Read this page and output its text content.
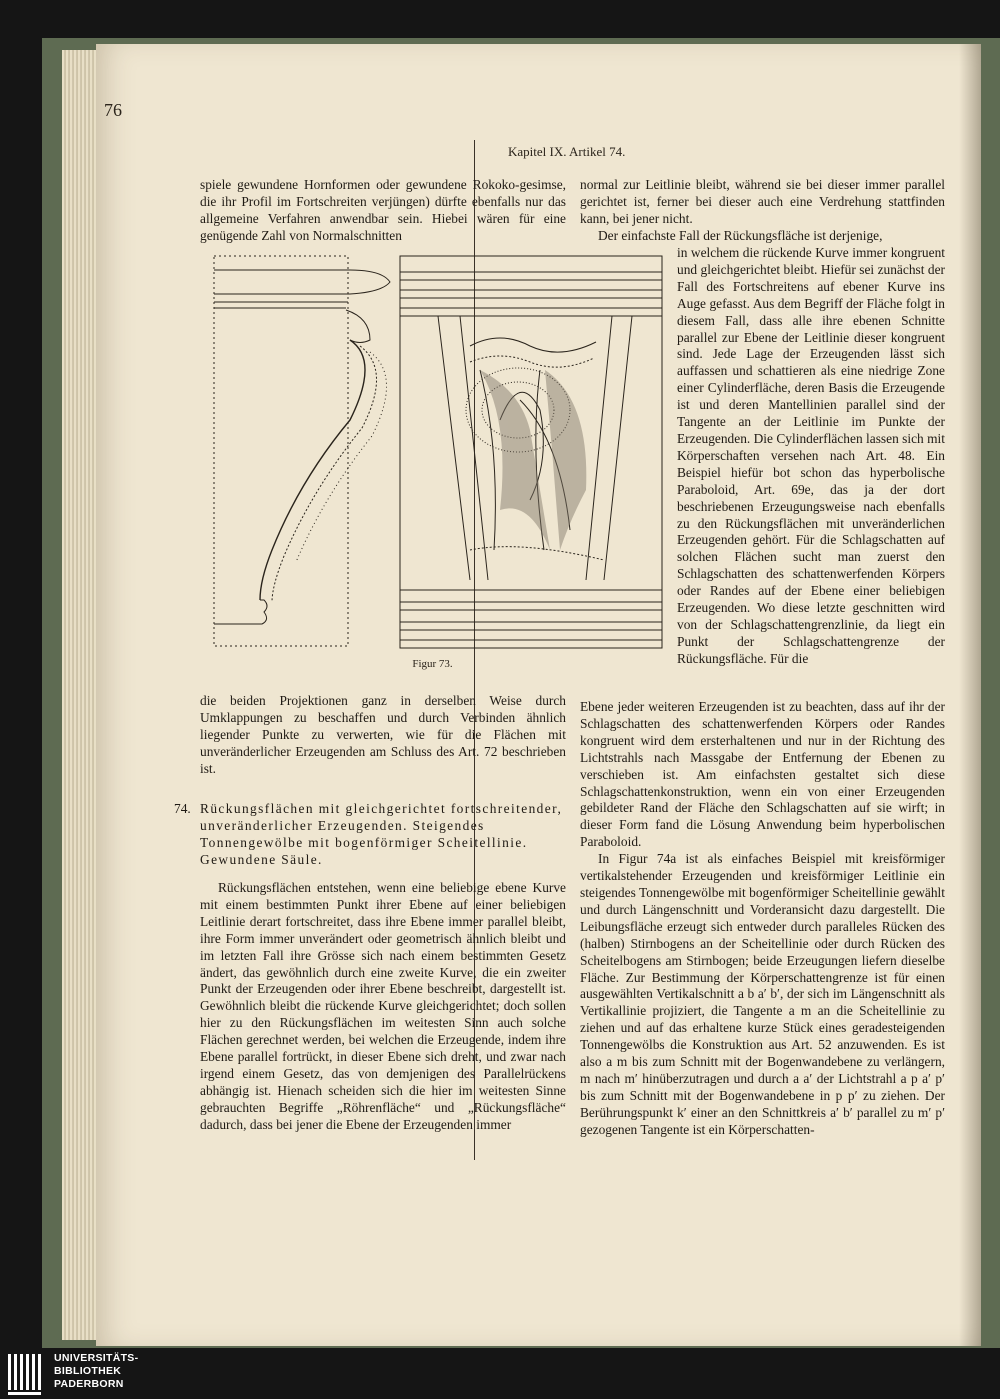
76
Kapitel IX. Artikel 74.

spiele gewundene Hornformen oder gewundene Rokoko-gesimse, die ihr Profil im Fortschreiten verjüngen) dürfte ebenfalls nur das allgemeine Verfahren anwendbar sein. Hiebei wären für eine genügende Zahl von Normalschnitten

Figur 73.

die beiden Projektionen ganz in derselben Weise durch Umklappungen zu beschaffen und durch Verbinden ähnlich liegender Punkte zu verwerten, wie für die Flächen mit unveränderlicher Erzeugenden am Schluss des Art. 72 beschrieben ist.

74. Rückungsflächen mit gleichgerichtet fortschreitender, unveränderlicher Erzeugenden. Steigendes Tonnengewölbe mit bogenförmiger Scheitellinie. Gewundene Säule.

Rückungsflächen entstehen, wenn eine beliebige ebene Kurve mit einem bestimmten Punkt ihrer Ebene auf einer beliebigen Leitlinie derart fortschreitet, dass ihre Ebene immer parallel bleibt, ihre Form immer unverändert oder geometrisch ähnlich bleibt und im letzten Fall ihre Grösse sich nach einem bestimmten Gesetz ändert, das gewöhnlich durch eine zweite Kurve, die ein zweiter Punkt der Erzeugenden oder ihrer Ebene beschreibt, dargestellt ist. Gewöhnlich bleibt die rückende Kurve gleichgerichtet; doch sollen hier zu den Rückungsflächen im weitesten Sinn auch solche Flächen gerechnet werden, bei welchen die Erzeugende, indem ihre Ebene parallel fortrückt, in dieser Ebene sich dreht, und zwar nach irgend einem Gesetz, das von demjenigen des Parallelrückens abhängig ist. Hienach scheiden sich die hier im weitesten Sinne gebrauchten Begriffe „Röhrenfläche“ und „Rückungsfläche“ dadurch, dass bei jener die Ebene der Erzeugenden immer

normal zur Leitlinie bleibt, während sie bei dieser immer parallel gerichtet ist, ferner bei dieser auch eine Verdrehung stattfinden kann, bei jener nicht.

Der einfachste Fall der Rückungsfläche ist derjenige,

in welchem die rückende Kurve immer kongruent und gleichgerichtet bleibt. Hiefür sei zunächst der Fall des Fortschreitens auf ebener Kurve ins Auge gefasst. Aus dem Begriff der Fläche folgt in diesem Fall, dass alle ihre ebenen Schnitte parallel zur Ebene der Leitlinie dieser kongruent sind. Jede Lage der Erzeugenden lässt sich auffassen und schattieren als eine niedrige Zone einer Cylinderfläche, deren Basis die Erzeugende ist und deren Mantellinien parallel sind der Tangente an der Leitlinie im Punkte der Erzeugenden. Die Cylinderflächen lassen sich mit Körperschaften versehen nach Art. 48. Ein Beispiel hiefür bot schon das hyperbolische Paraboloid, Art. 69e, das ja der dort beschriebenen Erzeugungsweise nach ebenfalls zu den Rückungsflächen mit unveränderlichen Erzeugenden gehört. Für die Schlagschatten auf solchen Flächen sucht man zuerst den Schlagschatten des schattenwerfenden Körpers oder Randes auf der Ebene einer beliebigen Erzeugenden. Wo diese letzte geschnitten wird von der Schlagschattengrenzlinie, da liegt ein Punkt der Schlagschattengrenze der Rückungsfläche. Für die

Ebene jeder weiteren Erzeugenden ist zu beachten, dass auf ihr der Schlagschatten des schattenwerfenden Körpers oder Randes kongruent wird dem ersterhaltenen und nur in der Richtung des Lichtstrahls nach Massgabe der Entfernung der Ebenen zu verschieben ist. Am einfachsten gestaltet sich diese Schlagschattenkonstruktion, wenn ein von einer Erzeugenden gebildeter Rand der Fläche den Schlagschatten auf sie wirft; in dieser Form fand die Lösung Anwendung beim hyperbolischen Paraboloid.

In Figur 74a ist als einfaches Beispiel mit kreisförmiger vertikalstehender Erzeugenden und kreisförmiger Leitlinie ein steigendes Tonnengewölbe mit bogenförmiger Scheitellinie gewählt und durch Längenschnitt und Vorderansicht dazu dargestellt. Die Leibungsfläche erzeugt sich entweder durch paralleles Rücken des (halben) Stirnbogens an der Scheitellinie oder durch Rücken des Scheitelbogens am Stirnbogen; beide Erzeugungen liefern dieselbe Fläche. Zur Bestimmung der Körperschattengrenze ist für einen ausgewählten Vertikalschnitt a b a′ b′, der sich im Längenschnitt als Vertikallinie projiziert, die Tangente a m an die Scheitellinie zu ziehen und auf das erhaltene kurze Stück eines geradesteigenden Tonnengewölbs die Konstruktion aus Art. 52 anzuwenden. Es ist also a m bis zum Schnitt mit der Bogenwandebene zu verlängern, m nach m′ hinüberzutragen und durch a a′ der Lichtstrahl a p a′ p′ bis zum Schnitt mit der Bogenwandebene in p p′ zu ziehen. Der Berührungspunkt k′ einer an den Schnittkreis a′ b′ parallel zu m′ p′ gezogenen Tangente ist ein Körperschatten-

UNIVERSITÄTS-
BIBLIOTHEK
PADERBORN
